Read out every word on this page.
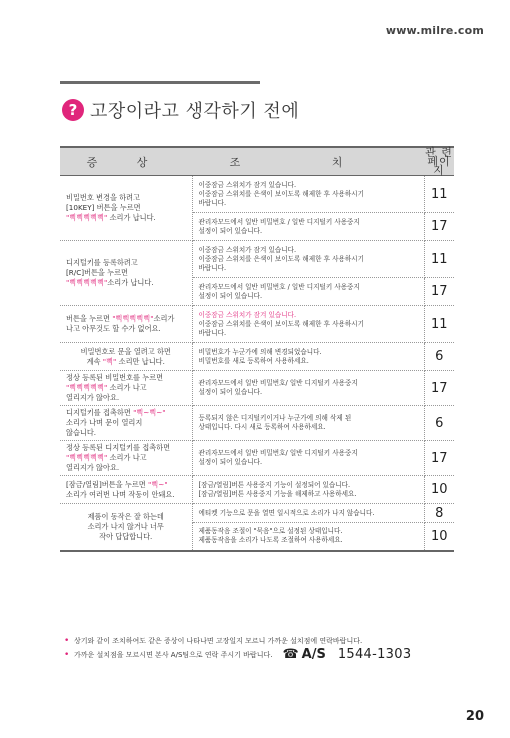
www.milre.com
? 고장이라고 생각하기 전에
증 상	조 치	관 련
페이지
비밀번호 변경을 하려고
[10KEY] 버튼을 누르면
"삑삑삑삑삑" 소리가 납니다.	이중잠금 스위치가 잠겨 있습니다.
이중잠금 스위치를 은색이 보이도록 해제한 후 사용하시기
바랍니다.	11
	관리자모드에서 일반 비밀번호 / 일반 디지털키 사용중지
설정이 되어 있습니다.	17
디지털키를 등록하려고
[R/C]버튼을 누르면
"삑삑삑삑삑"소리가 납니다.	이중잠금 스위치가 잠겨 있습니다.
이중잠금 스위치를 은색이 보이도록 해제한 후 사용하시기
바랍니다.	11
	관리자모드에서 일반 비밀번호 / 일반 디지털키 사용중지
설정이 되어 있습니다.	17
버튼을 누르면 "삑삑삑삑삑"소리가
나고 아무것도 할 수가 없어요.	이중잠금 스위치가 잠겨 있습니다.
이중잠금 스위치를 은색이 보이도록 해제한 후 사용하시기
바랍니다.	11
비밀번호로 문을 열려고 하면
계속 "삑" 소리만 납니다.	비밀번호가 누군가에 의해 변경되었습니다.
비밀번호를 새로 등록하여 사용하세요.	6
정상 등록된 비밀번호를 누르면
"삑삑삑삑삑" 소리가 나고
열리지가 않아요.	관리자모드에서 일반 비밀번호/ 일반 디지털키 사용중지
설정이 되어 있습니다.	17
디지털키를 접촉하면 "삑~삑~"
소리가 나며 문이 열리지
않습니다.	등록되지 않은 디지털키이거나 누군가에 의해 삭제 된
상태입니다. 다시 새로 등록하여 사용하세요.	6
정상 등록된 디지털키를 접촉하면
"삑삑삑삑삑" 소리가 나고
열리지가 않아요.	관리자모드에서 일반 비밀번호/ 일반 디지털키 사용중지
설정이 되어 있습니다.	17
[잠금/열림]버튼을 누르면 "삑~"
소리가 여러번 나며 작동이 안돼요.	[잠금/열림]버튼 사용중지 기능이 설정되어 있습니다.
[잠금/열림]버튼 사용중지 기능을 해제하고 사용하세요.	10
제품이 동작은 잘 하는데
소리가 나지 않거나 너무
작아 답답합니다.	에티켓 기능으로 문을 열면 일시적으로 소리가 나지 않습니다.	8
	제품동작음 조절이 "묵음"으로 설정된 상태입니다.
제품동작음을 소리가 나도록 조절하여 사용하세요.	10
• 상기와 같이 조치하여도 같은 증상이 나타나면 고장일지 모르니 가까운 설치점에 연락바랍니다.
• 가까운 설치점을 모르시면 본사 A/S팀으로 연락 주시기 바랍니다. ☎ A/S 1544-1303
20
